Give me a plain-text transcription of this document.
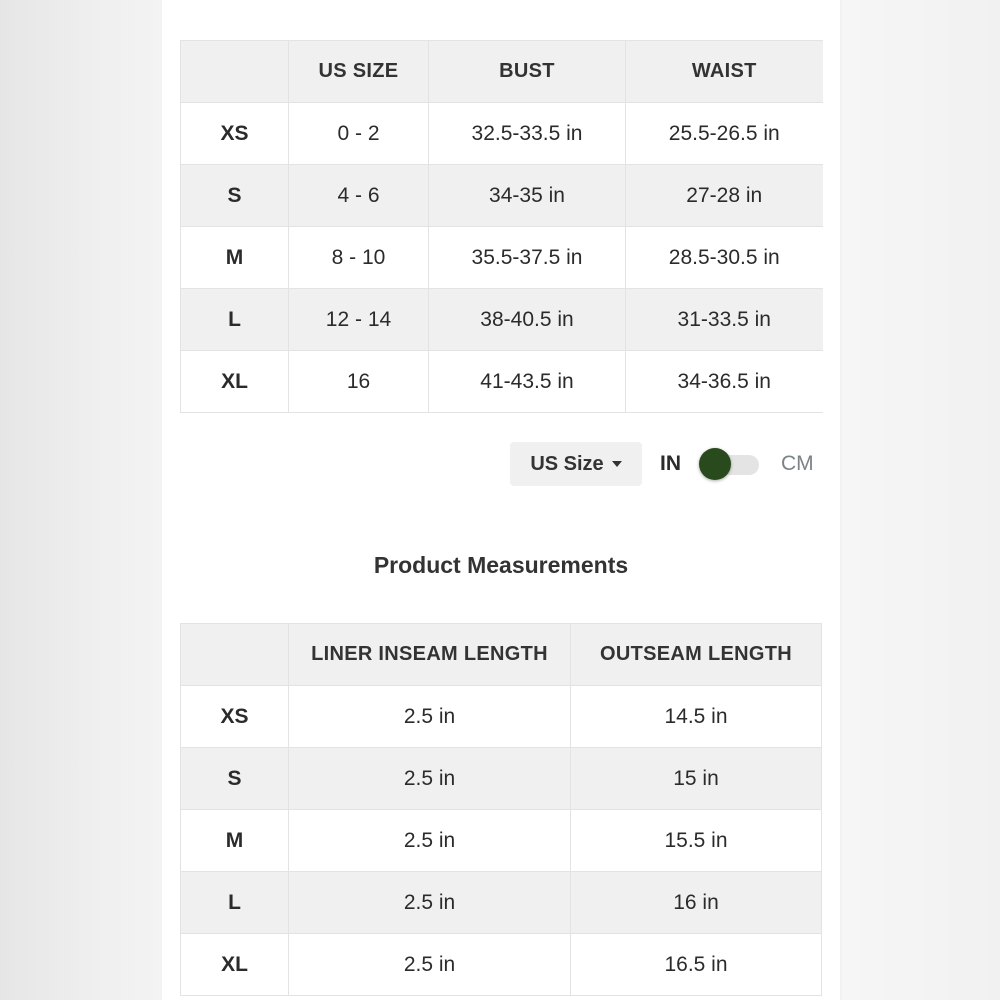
	US SIZE	BUST	WAIST
XS	0 - 2	32.5-33.5 in	25.5-26.5 in
S	4 - 6	34-35 in	27-28 in
M	8 - 10	35.5-37.5 in	28.5-30.5 in
L	12 - 14	38-40.5 in	31-33.5 in
XL	16	41-43.5 in	34-36.5 in
US Size	IN	CM
Product Measurements
	LINER INSEAM LENGTH	OUTSEAM LENGTH
XS	2.5 in	14.5 in
S	2.5 in	15 in
M	2.5 in	15.5 in
L	2.5 in	16 in
XL	2.5 in	16.5 in
